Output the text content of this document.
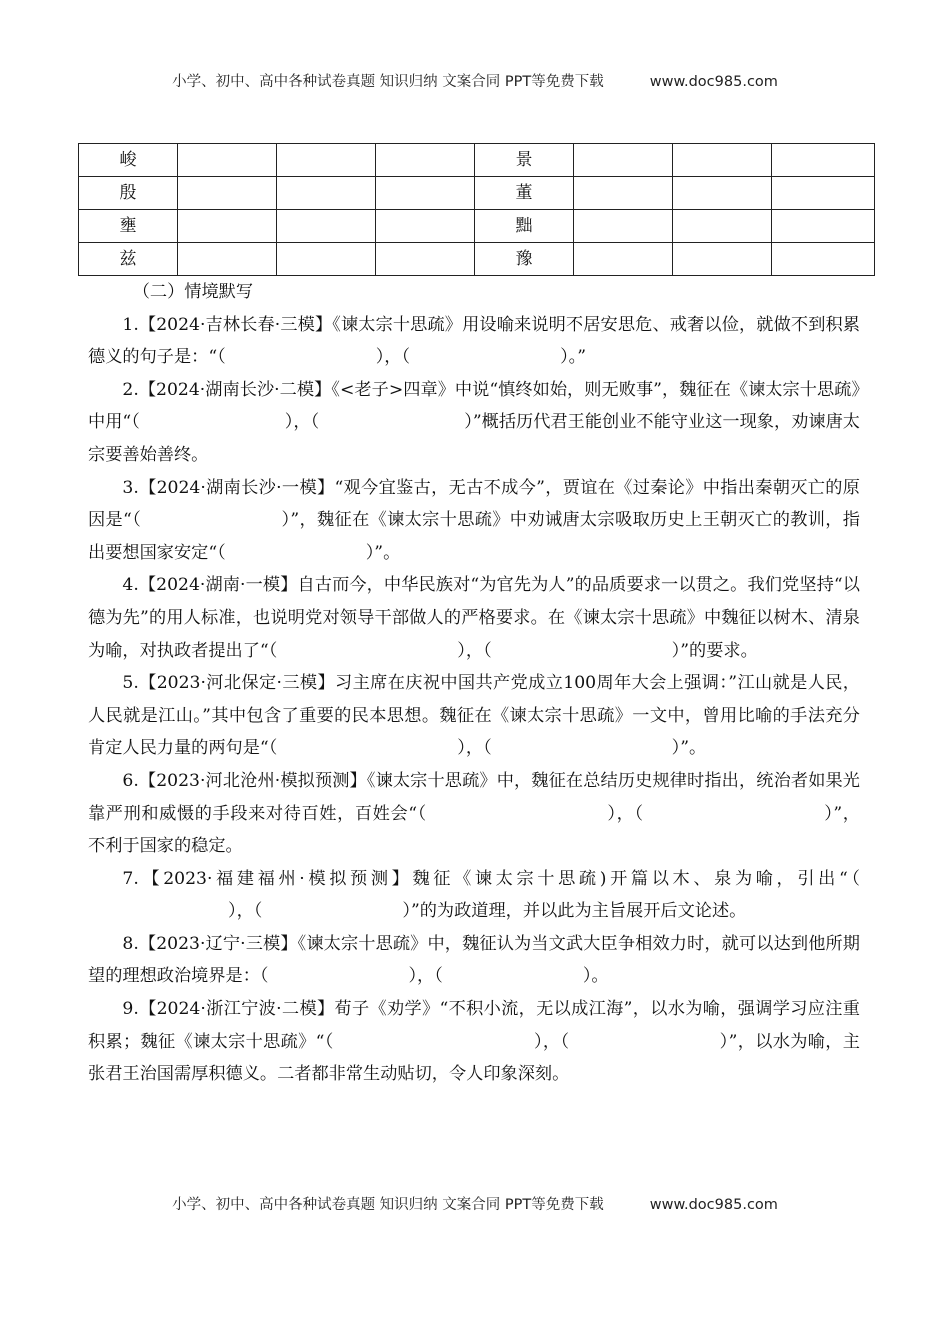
小学、初中、高中各种试卷真题 知识归纳 文案合同 PPT等免费下载	www.doc985.com
峻				景			
殷				董			
壅				黜			
兹				豫			

（二）情境默写

1.【2024·吉林长春·三模】《谏太宗十思疏》用设喻来说明不居安思危、戒奢以俭，就做不到积累德义的句子是：“（	），（	）。”

2.【2024·湖南长沙·二模】《<老子>四章》中说“慎终如始，则无败事”，魏征在《谏太宗十思疏》中用“（	），（	）”概括历代君王能创业不能守业这一现象，劝谏唐太宗要善始善终。

3.【2024·湖南长沙·一模】“观今宜鉴古，无古不成今”，贾谊在《过秦论》中指出秦朝灭亡的原因是“（	）”，魏征在《谏太宗十思疏》中劝诫唐太宗吸取历史上王朝灭亡的教训，指出要想国家安定“（	）”。

4.【2024·湖南·一模】自古而今，中华民族对“为官先为人”的品质要求一以贯之。我们党坚持“以德为先”的用人标准，也说明党对领导干部做人的严格要求。在《谏太宗十思疏》中魏征以树木、清泉为喻，对执政者提出了“（	），（	）”的要求。

5.【2023·河北保定·三模】习主席在庆祝中国共产党成立100周年大会上强调：”江山就是人民，人民就是江山。”其中包含了重要的民本思想。魏征在《谏太宗十思疏》一文中，曾用比喻的手法充分肯定人民力量的两句是“（	），（	）”。

6.【2023·河北沧州·模拟预测】《谏太宗十思疏》中，魏征在总结历史规律时指出，统治者如果光靠严刑和威慑的手段来对待百姓，百姓会“（	），（	）”，不利于国家的稳定。

7.【2023·福建福州·模拟预测】魏征《谏太宗十思疏)开篇以木、泉为喻，引出“（），（	）”的为政道理，并以此为主旨展开后文论述。

8.【2023·辽宁·三模】《谏太宗十思疏》中，魏征认为当文武大臣争相效力时，就可以达到他所期望的理想政治境界是：（	），（	）。

9.【2024·浙江宁波·二模】荀子《劝学》“不积小流，无以成江海”，以水为喻，强调学习应注重积累；魏征《谏太宗十思疏》“（	），（	）”，以水为喻，主张君王治国需厚积德义。二者都非常生动贴切，令人印象深刻。

小学、初中、高中各种试卷真题 知识归纳 文案合同 PPT等免费下载	www.doc985.com
